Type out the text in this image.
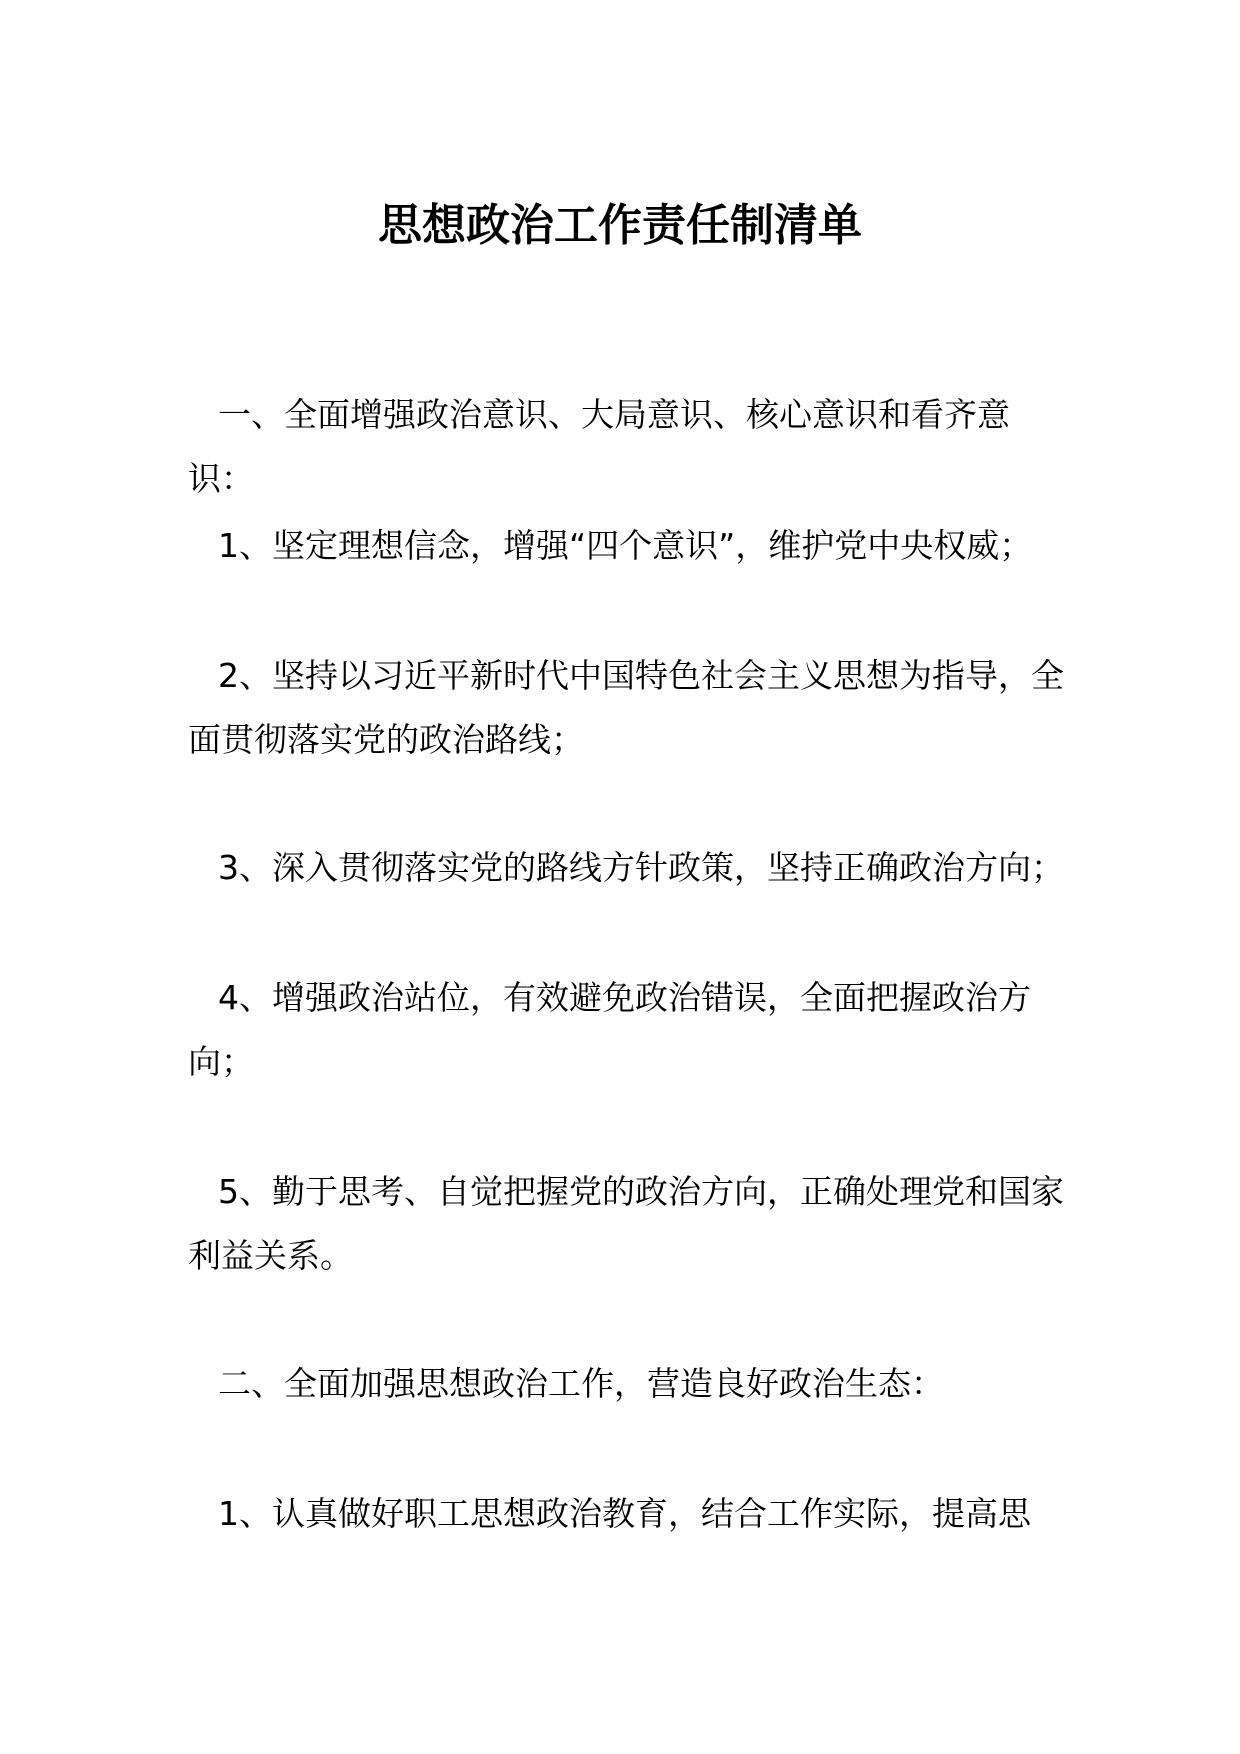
思想政治工作责任制清单
一、全面增强政治意识、大局意识、核心意识和看齐意识：
1、坚定理想信念，增强“四个意识”，维护党中央权威；
2、坚持以习近平新时代中国特色社会主义思想为指导，全面贯彻落实党的政治路线；
3、深入贯彻落实党的路线方针政策，坚持正确政治方向；
4、增强政治站位，有效避免政治错误，全面把握政治方向；
5、勤于思考、自觉把握党的政治方向，正确处理党和国家利益关系。
二、全面加强思想政治工作，营造良好政治生态：
1、认真做好职工思想政治教育，结合工作实际，提高思
